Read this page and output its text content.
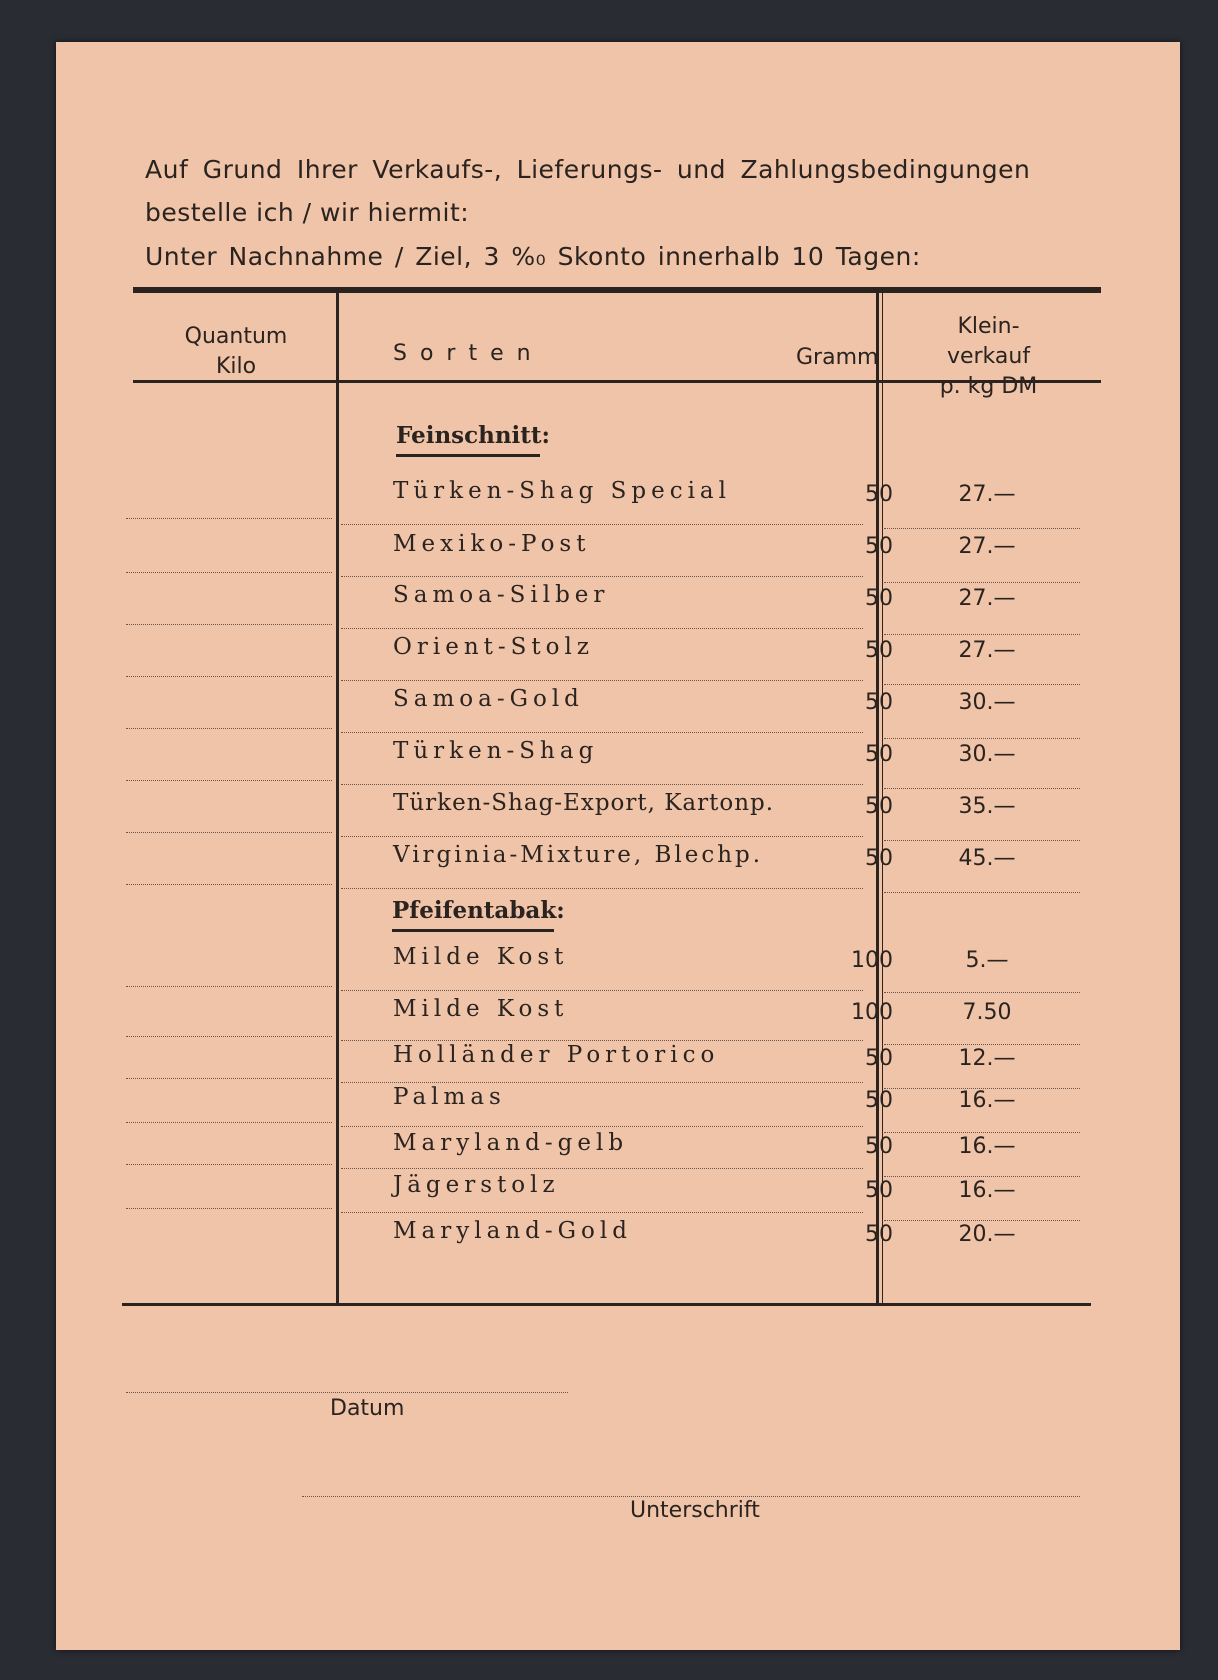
Auf Grund Ihrer Verkaufs-, Lieferungs- und Zahlungsbedingungen
bestelle ich / wir hiermit:
Unter Nachnahme / Ziel, 3 %₀ Skonto innerhalb 10 Tagen:
Quantum
Kilo
S o r t e n	Gramm
Klein-
verkauf
p. kg DM
Feinschnitt:
Türken-Shag Special	50	27.—
Mexiko-Post	50	27.—
Samoa-Silber	50	27.—
Orient-Stolz	50	27.—
Samoa-Gold	50	30.—
Türken-Shag	50	30.—
Türken-Shag-Export, Kartonp.	50	35.—
Virginia-Mixture, Blechp.	50	45.—
Pfeifentabak:
Milde Kost	100	5.—
Milde Kost	100	7.50
Holländer Portorico	50	12.—
Palmas	50	16.—
Maryland-gelb	50	16.—
Jägerstolz	50	16.—
Maryland-Gold	50	20.—
Datum
Unterschrift
